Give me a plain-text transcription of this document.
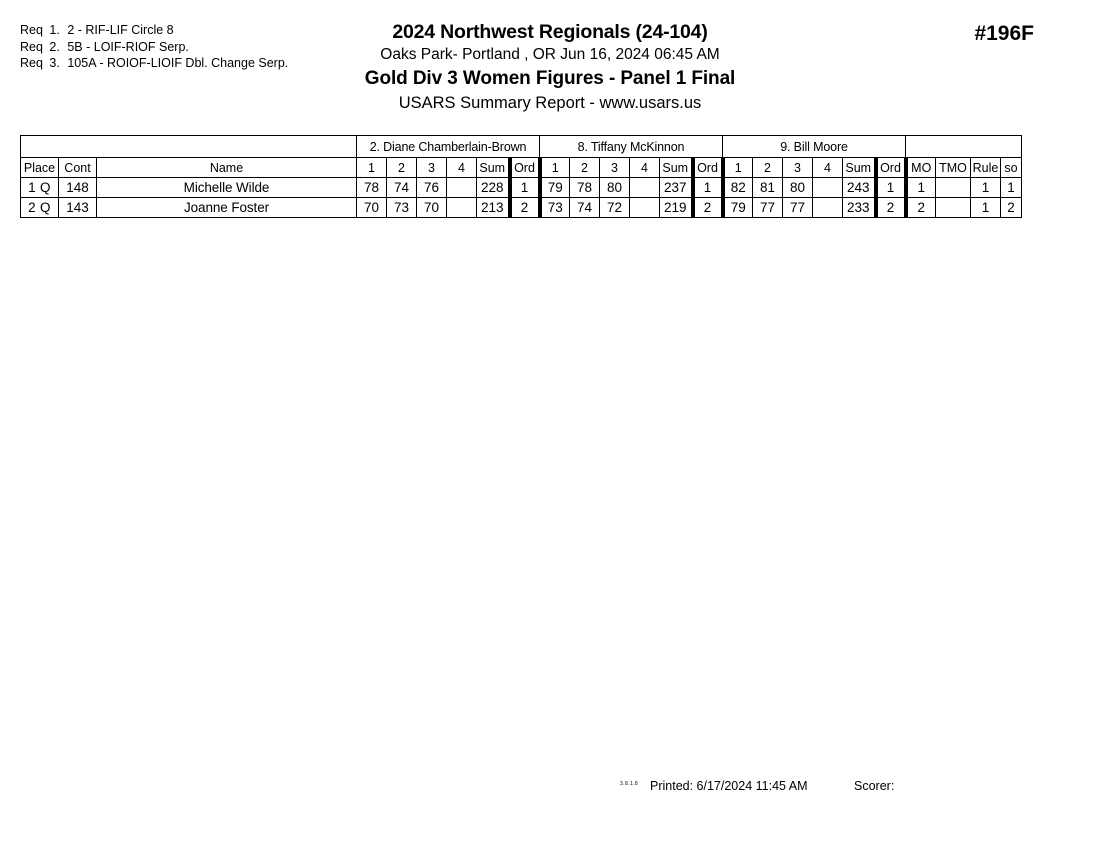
Req 1. 2 - RIF-LIF Circle 8
Req 2. 5B - LOIF-RIOF Serp.
Req 3. 105A - ROIOF-LIOIF Dbl. Change Serp.
2024 Northwest Regionals (24-104)
Oaks Park- Portland , OR Jun 16, 2024 06:45 AM
Gold Div 3 Women Figures - Panel 1 Final
USARS Summary Report - www.usars.us
#196F
			2. Diane Chamberlain-Brown						8. Tiffany McKinnon						9. Bill Moore									
Place	Cont	Name	1	2	3	4	Sum	Ord	1	2	3	4	Sum	Ord	1	2	3	4	Sum	Ord	MO	TMO	Rule	so
1 Q	148	Michelle Wilde	78	74	76		228	1	79	78	80		237	1	82	81	80		243	1	1		1	1
2 Q	143	Joanne Foster	70	73	70		213	2	73	74	72		219	2	79	77	77		233	2	2		1	2
3.8.1.8 Printed: 6/17/2024 11:45 AM	Scorer:
